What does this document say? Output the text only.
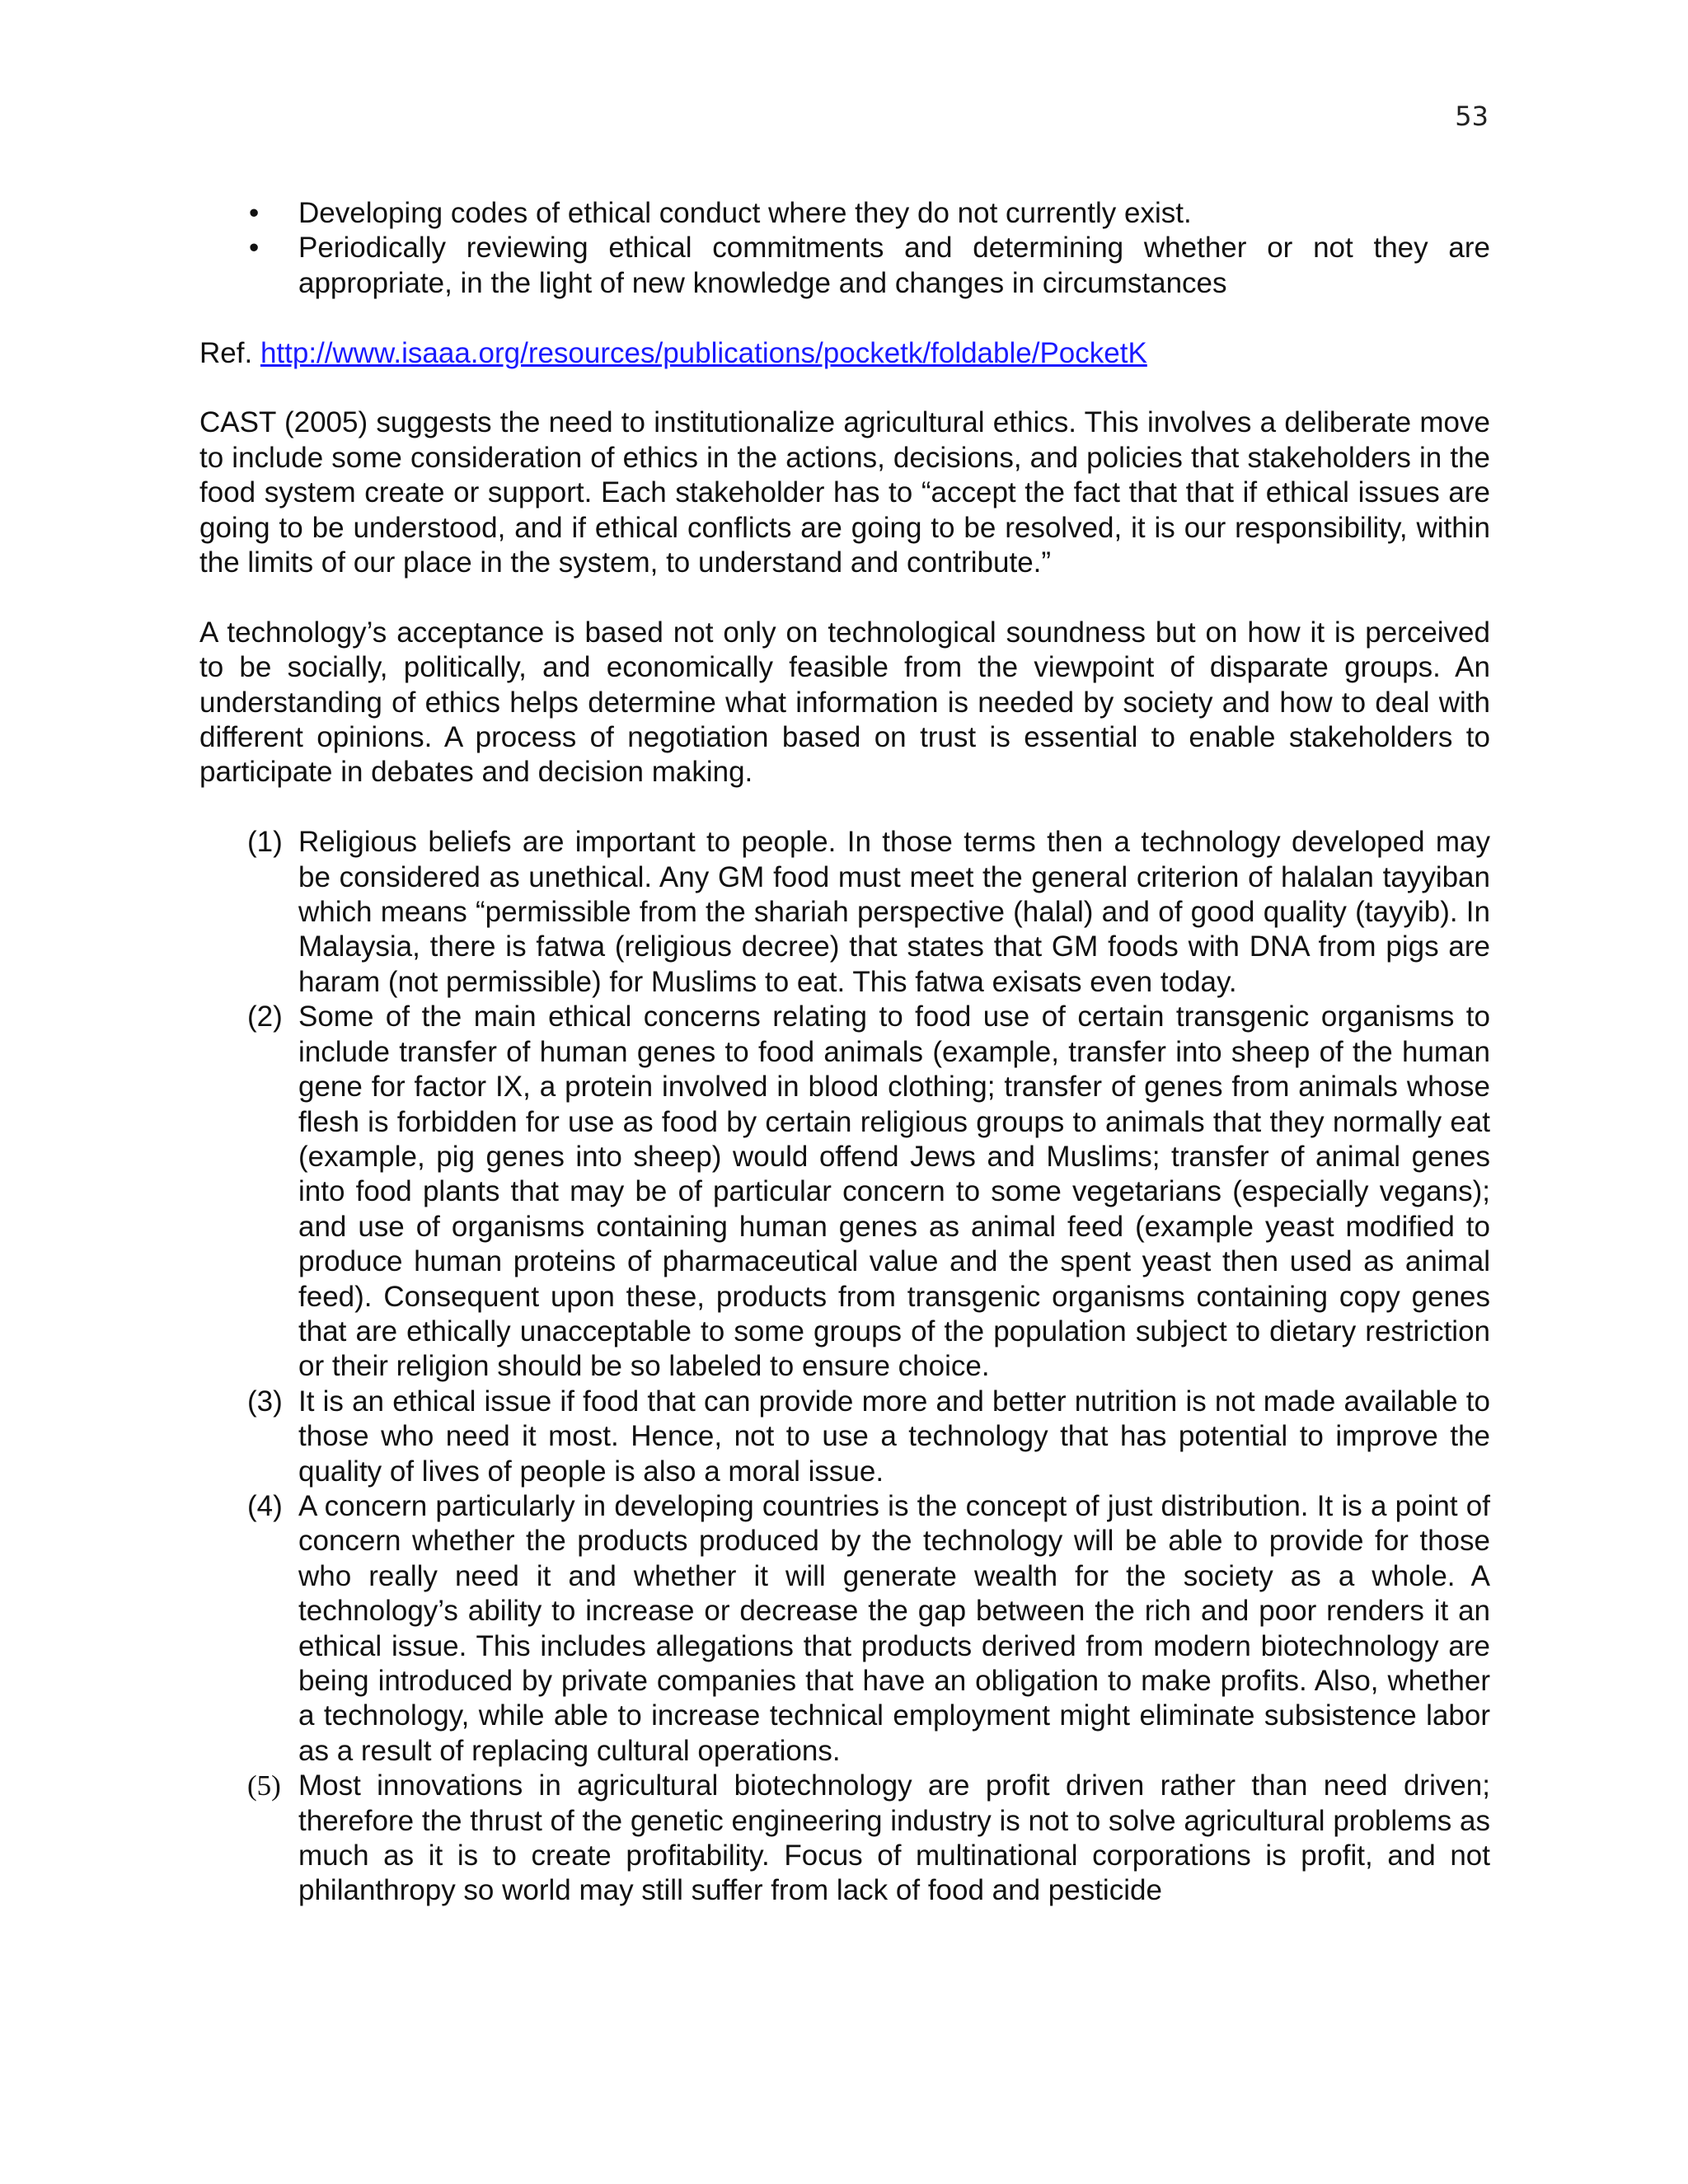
53
• Developing codes of ethical conduct where they do not currently exist.
• Periodically reviewing ethical commitments and determining whether or not they are appropriate, in the light of new knowledge and changes in circumstances

Ref. http://www.isaaa.org/resources/publications/pocketk/foldable/PocketK

CAST (2005) suggests the need to institutionalize agricultural ethics. This involves a deliberate move to include some consideration of ethics in the actions, decisions, and policies that stakeholders in the food system create or support. Each stakeholder has to “accept the fact that that if ethical issues are going to be understood, and if ethical conflicts are going to be resolved, it is our responsibility, within the limits of our place in the system, to understand and contribute.”

A technology’s acceptance is based not only on technological soundness but on how it is perceived to be socially, politically, and economically feasible from the viewpoint of disparate groups. An understanding of ethics helps determine what information is needed by society and how to deal with different opinions. A process of negotiation based on trust is essential to enable stakeholders to participate in debates and decision making.

(1) Religious beliefs are important to people. In those terms then a technology developed may be considered as unethical. Any GM food must meet the general criterion of halalan tayyiban which means “permissible from the shariah perspective (halal) and of good quality (tayyib). In Malaysia, there is fatwa (religious decree) that states that GM foods with DNA from pigs are haram (not permissible) for Muslims to eat. This fatwa exisats even today.
(2) Some of the main ethical concerns relating to food use of certain transgenic organisms to include transfer of human genes to food animals (example, transfer into sheep of the human gene for factor IX, a protein involved in blood clothing; transfer of genes from animals whose flesh is forbidden for use as food by certain religious groups to animals that they normally eat (example, pig genes into sheep) would offend Jews and Muslims; transfer of animal genes into food plants that may be of particular concern to some vegetarians (especially vegans); and use of organisms containing human genes as animal feed (example yeast modified to produce human proteins of pharmaceutical value and the spent yeast then used as animal feed). Consequent upon these, products from transgenic organisms containing copy genes that are ethically unacceptable to some groups of the population subject to dietary restriction or their religion should be so labeled to ensure choice.
(3) It is an ethical issue if food that can provide more and better nutrition is not made available to those who need it most. Hence, not to use a technology that has potential to improve the quality of lives of people is also a moral issue.
(4) A concern particularly in developing countries is the concept of just distribution. It is a point of concern whether the products produced by the technology will be able to provide for those who really need it and whether it will generate wealth for the society as a whole. A technology’s ability to increase or decrease the gap between the rich and poor renders it an ethical issue. This includes allegations that products derived from modern biotechnology are being introduced by private companies that have an obligation to make profits. Also, whether a technology, while able to increase technical employment might eliminate subsistence labor as a result of replacing cultural operations.
(5) Most innovations in agricultural biotechnology are profit driven rather than need driven; therefore the thrust of the genetic engineering industry is not to solve agricultural problems as much as it is to create profitability. Focus of multinational corporations is profit, and not philanthropy so world may still suffer from lack of food and pesticide
